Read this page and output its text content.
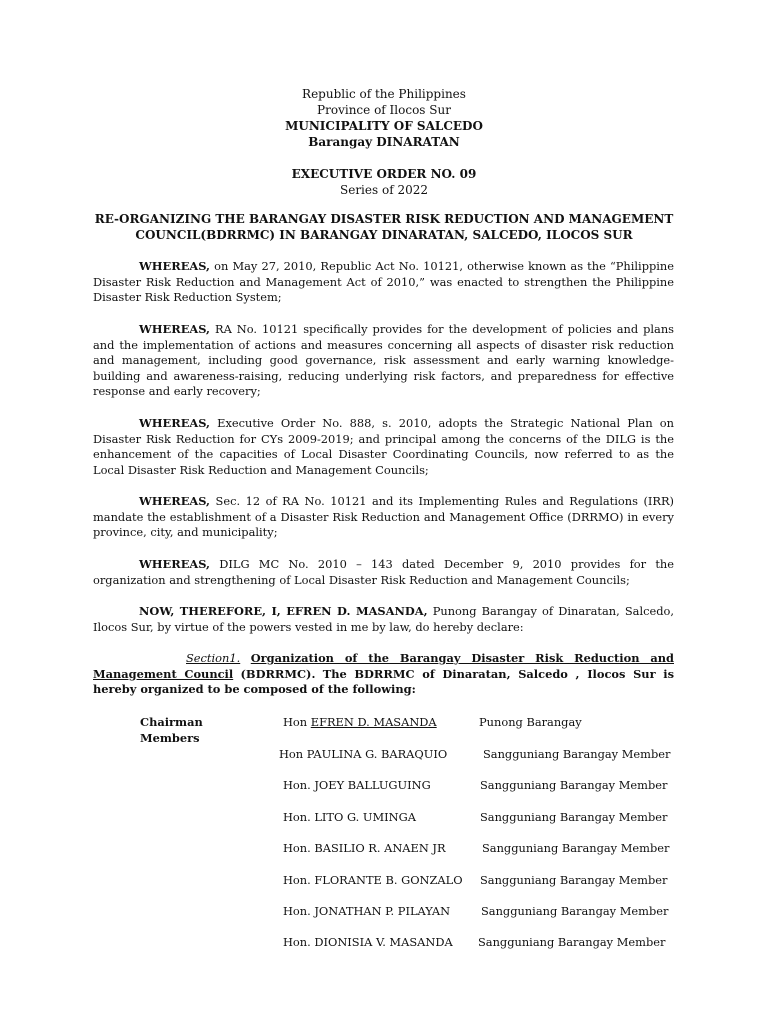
Republic of the Philippines
Province of Ilocos Sur
MUNICIPALITY OF SALCEDO
Barangay DINARATAN
EXECUTIVE ORDER NO. 09
Series of 2022
RE-ORGANIZING THE BARANGAY DISASTER RISK REDUCTION AND MANAGEMENT
COUNCIL(BDRRMC) IN BARANGAY DINARATAN, SALCEDO, ILOCOS SUR

WHEREAS, on May 27, 2010, Republic Act No. 10121, otherwise known as the “Philippine Disaster Risk Reduction and Management Act of 2010,” was enacted to strengthen the Philippine Disaster Risk Reduction System;

WHEREAS, RA No. 10121 specifically provides for the development of policies and plans and the implementation of actions and measures concerning all aspects of disaster risk reduction and management, including good governance, risk assessment and early warning knowledge-building and awareness-raising, reducing underlying risk factors, and preparedness for effective response and early recovery;

WHEREAS, Executive Order No. 888, s. 2010, adopts the Strategic National Plan on Disaster Risk Reduction for CYs 2009-2019; and principal among the concerns of the DILG is the enhancement of the capacities of Local Disaster Coordinating Councils, now referred to as the Local Disaster Risk Reduction and Management Councils;

WHEREAS, Sec. 12 of RA No. 10121 and its Implementing Rules and Regulations (IRR) mandate the establishment of a Disaster Risk Reduction and Management Office (DRRMO) in every province, city, and municipality;

WHEREAS, DILG MC No. 2010 – 143 dated December 9, 2010 provides for the organization and strengthening of Local Disaster Risk Reduction and Management Councils;

NOW, THEREFORE, I, EFREN D. MASANDA, Punong Barangay of Dinaratan, Salcedo, Ilocos Sur, by virtue of the powers vested in me by law, do hereby declare:

Section1. Organization of the Barangay Disaster Risk Reduction and Management Council (BDRRMC). The BDRRMC of Dinaratan, Salcedo , Ilocos Sur is hereby organized to be composed of the following:

Chairman
Members
Hon EFREN D. MASANDA	Punong Barangay
Hon PAULINA G. BARAQUIO	Sangguniang Barangay Member
Hon. JOEY BALLUGUING	Sangguniang Barangay Member
Hon. LITO G. UMINGA	Sangguniang Barangay Member
Hon. BASILIO R. ANAEN JR	Sangguniang Barangay Member
Hon. FLORANTE B. GONZALO Sangguniang Barangay Member
Hon. JONATHAN P. PILAYAN	Sangguniang Barangay Member
Hon. DIONISIA V. MASANDA Sangguniang Barangay Member
